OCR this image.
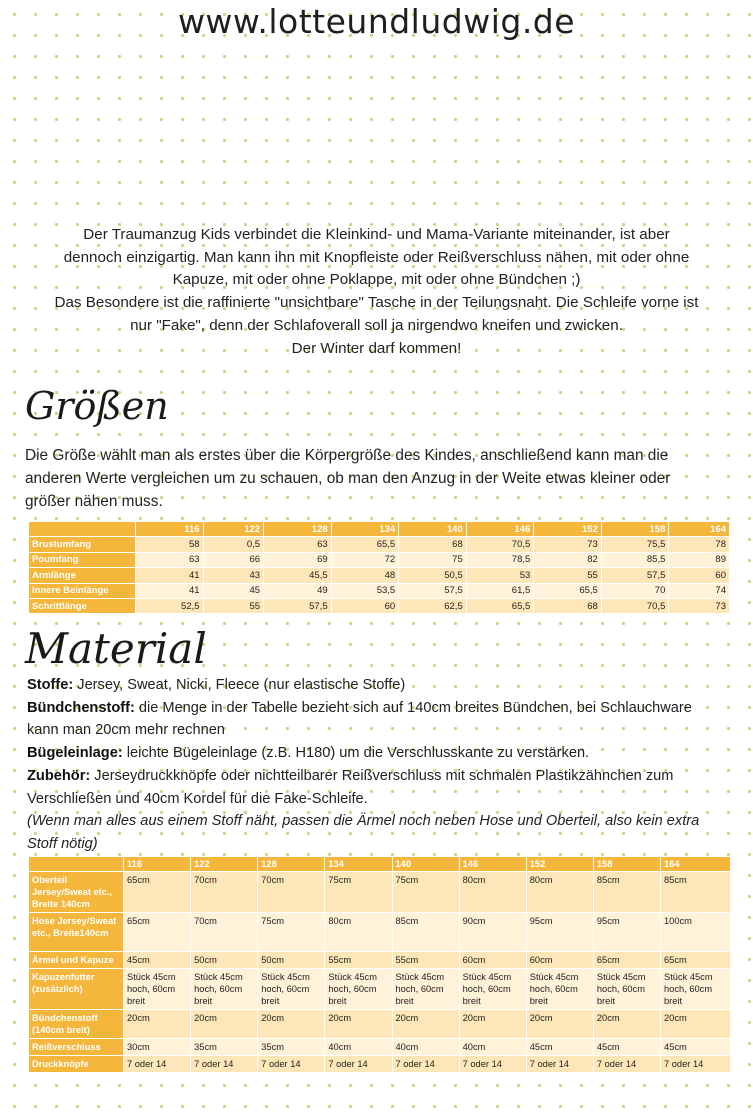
www.lotteundludwig.de
Der Traumanzug Kids verbindet die Kleinkind- und Mama-Variante miteinander, ist aber
dennoch einzigartig. Man kann ihn mit Knopfleiste oder Reißverschluss nähen, mit oder ohne
Kapuze, mit oder ohne Poklappe, mit oder ohne Bündchen ;)
Das Besondere ist die raffinierte "unsichtbare" Tasche in der Teilungsnaht. Die Schleife vorne ist
nur "Fake", denn der Schlafoverall soll ja nirgendwo kneifen und zwicken.
Der Winter darf kommen!
Größen
Die Größe wählt man als erstes über die Körpergröße des Kindes, anschließend kann man die
anderen Werte vergleichen um zu schauen, ob man den Anzug in der Weite etwas kleiner oder
größer nähen muss.
	116	122	128	134	140	146	152	158	164
Brustumfang	58	0,5	63	65,5	68	70,5	73	75,5	78
Poumfang	63	66	69	72	75	78,5	82	85,5	89
Armlänge	41	43	45,5	48	50,5	53	55	57,5	60
Innere Beinlänge	41	45	49	53,5	57,5	61,5	65,5	70	74
Schrittlänge	52,5	55	57,5	60	62,5	65,5	68	70,5	73
Material

Stoffe: Jersey, Sweat, Nicki, Fleece (nur elastische Stoffe)

Bündchenstoff: die Menge in der Tabelle bezieht sich auf 140cm breites Bündchen, bei Schlauchware kann man 20cm mehr rechnen

Bügeleinlage: leichte Bügeleinlage (z.B. H180) um die Verschlusskante zu verstärken.

Zubehör: Jerseydruckknöpfe oder nichtteilbarer Reißverschluss mit schmalen Plastikzähnchen zum Verschließen und 40cm Kordel für die Fake-Schleife.

(Wenn man alles aus einem Stoff näht, passen die Ärmel noch neben Hose und Oberteil, also kein extra Stoff nötig)

	116	122	128	134	140	146	152	158	164
Oberteil Jersey/Sweat etc., Breite 140cm	65cm	70cm	70cm	75cm	75cm	80cm	80cm	85cm	85cm
Hose Jersey/Sweat etc., Breite140cm	65cm	70cm	75cm	80cm	85cm	90cm	95cm	95cm	100cm
Ärmel und Kapuze	45cm	50cm	50cm	55cm	55cm	60cm	60cm	65cm	65cm
Kapuzenfutter (zusätzlich)	Stück 45cm hoch, 60cm breit	Stück 45cm hoch, 60cm breit	Stück 45cm hoch, 60cm breit	Stück 45cm hoch, 60cm breit	Stück 45cm hoch, 60cm breit	Stück 45cm hoch, 60cm breit	Stück 45cm hoch, 60cm breit	Stück 45cm hoch, 60cm breit	Stück 45cm hoch, 60cm breit
Bündchenstoff (140cm breit)	20cm	20cm	20cm	20cm	20cm	20cm	20cm	20cm	20cm
Reißverschluss	30cm	35cm	35cm	40cm	40cm	40cm	45cm	45cm	45cm
Druckknöpfe	7 oder 14	7 oder 14	7 oder 14	7 oder 14	7 oder 14	7 oder 14	7 oder 14	7 oder 14	7 oder 14
